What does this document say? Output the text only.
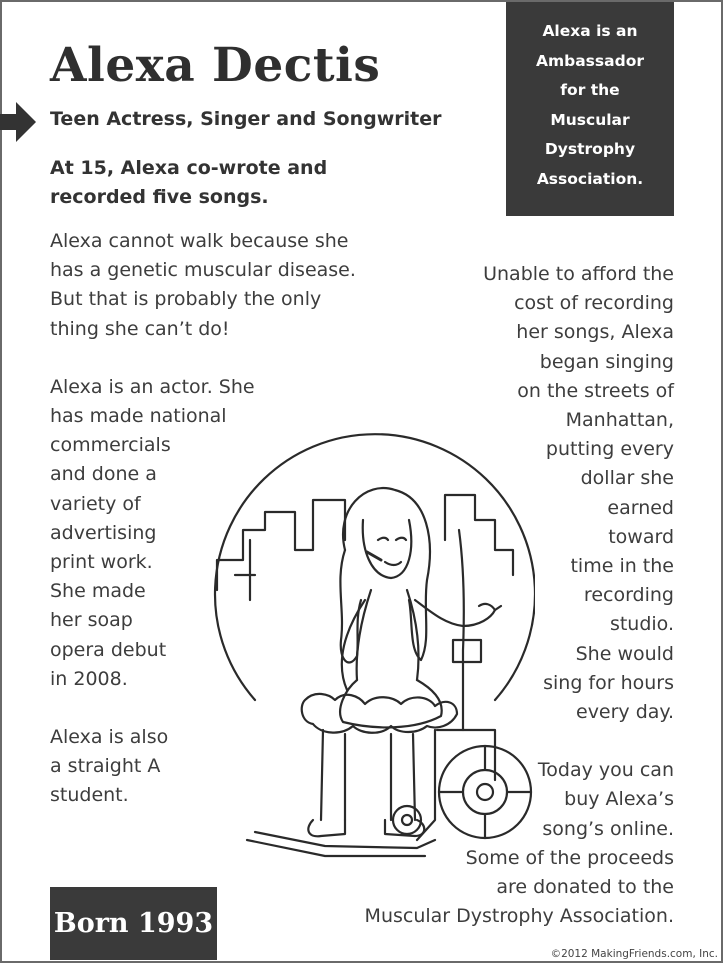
Alexa Dectis
Teen Actress, Singer and Songwriter
At 15, Alexa co-wrote and
recorded five songs.
Alexa is an
Ambassador
for the
Muscular
Dystrophy
Association.

Alexa cannot walk because she
has a genetic muscular disease.
But that is probably the only
thing she can’t do!

Alexa is an actor. She
has made national
commercials
and done a
variety of
advertising
print work.
She made
her soap
opera debut
in 2008.

Alexa is also
a straight A
student.

Unable to afford the
cost of recording
her songs, Alexa
began singing
on the streets of
Manhattan,
putting every
dollar she
earned
toward
time in the
recording
studio.
She would
sing for hours
every day.

Today you can
buy Alexa’s
song’s online.
Some of the proceeds
are donated to the
Muscular Dystrophy Association.

Born 1993
©2012 MakingFriends.com, Inc.
